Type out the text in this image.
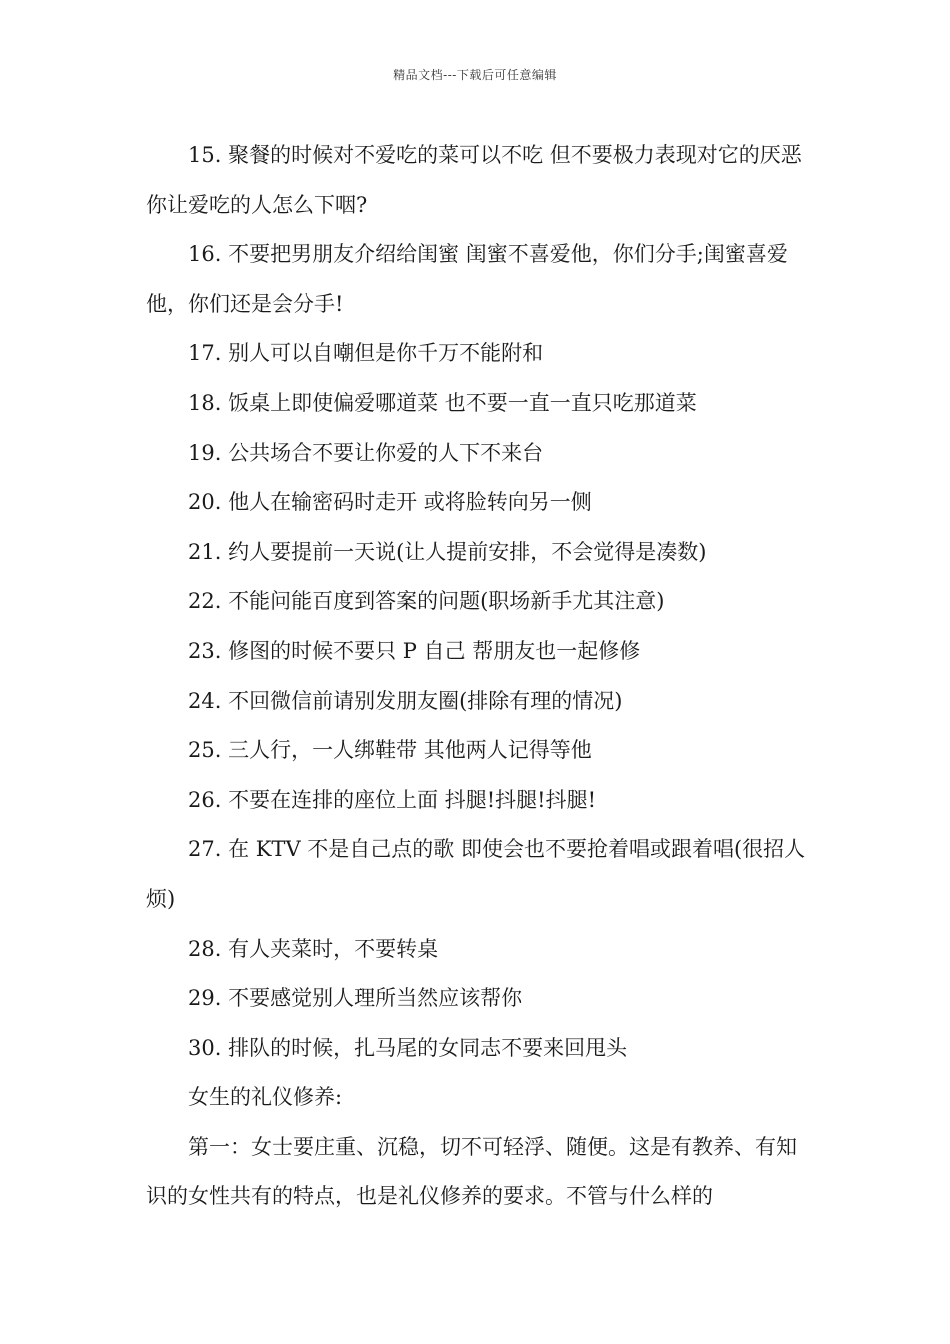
精品文档---下载后可任意编辑

15. 聚餐的时候对不爱吃的菜可以不吃 但不要极力表现对它的厌恶 你让爱吃的人怎么下咽?

16. 不要把男朋友介绍给闺蜜 闺蜜不喜爱他，你们分手;闺蜜喜爱他，你们还是会分手!

17. 别人可以自嘲但是你千万不能附和

18. 饭桌上即使偏爱哪道菜 也不要一直一直只吃那道菜

19. 公共场合不要让你爱的人下不来台

20. 他人在输密码时走开 或将脸转向另一侧

21. 约人要提前一天说(让人提前安排，不会觉得是凑数)

22. 不能问能百度到答案的问题(职场新手尤其注意)

23. 修图的时候不要只 P 自己 帮朋友也一起修修

24. 不回微信前请别发朋友圈(排除有理的情况)

25. 三人行，一人绑鞋带 其他两人记得等他

26. 不要在连排的座位上面 抖腿!抖腿!抖腿!

27. 在 KTV 不是自己点的歌 即使会也不要抢着唱或跟着唱(很招人烦)

28. 有人夹菜时，不要转桌

29. 不要感觉别人理所当然应该帮你

30. 排队的时候，扎马尾的女同志不要来回甩头

女生的礼仪修养:

第一：女士要庄重、沉稳，切不可轻浮、随便。这是有教养、有知识的女性共有的特点，也是礼仪修养的要求。不管与什么样的
